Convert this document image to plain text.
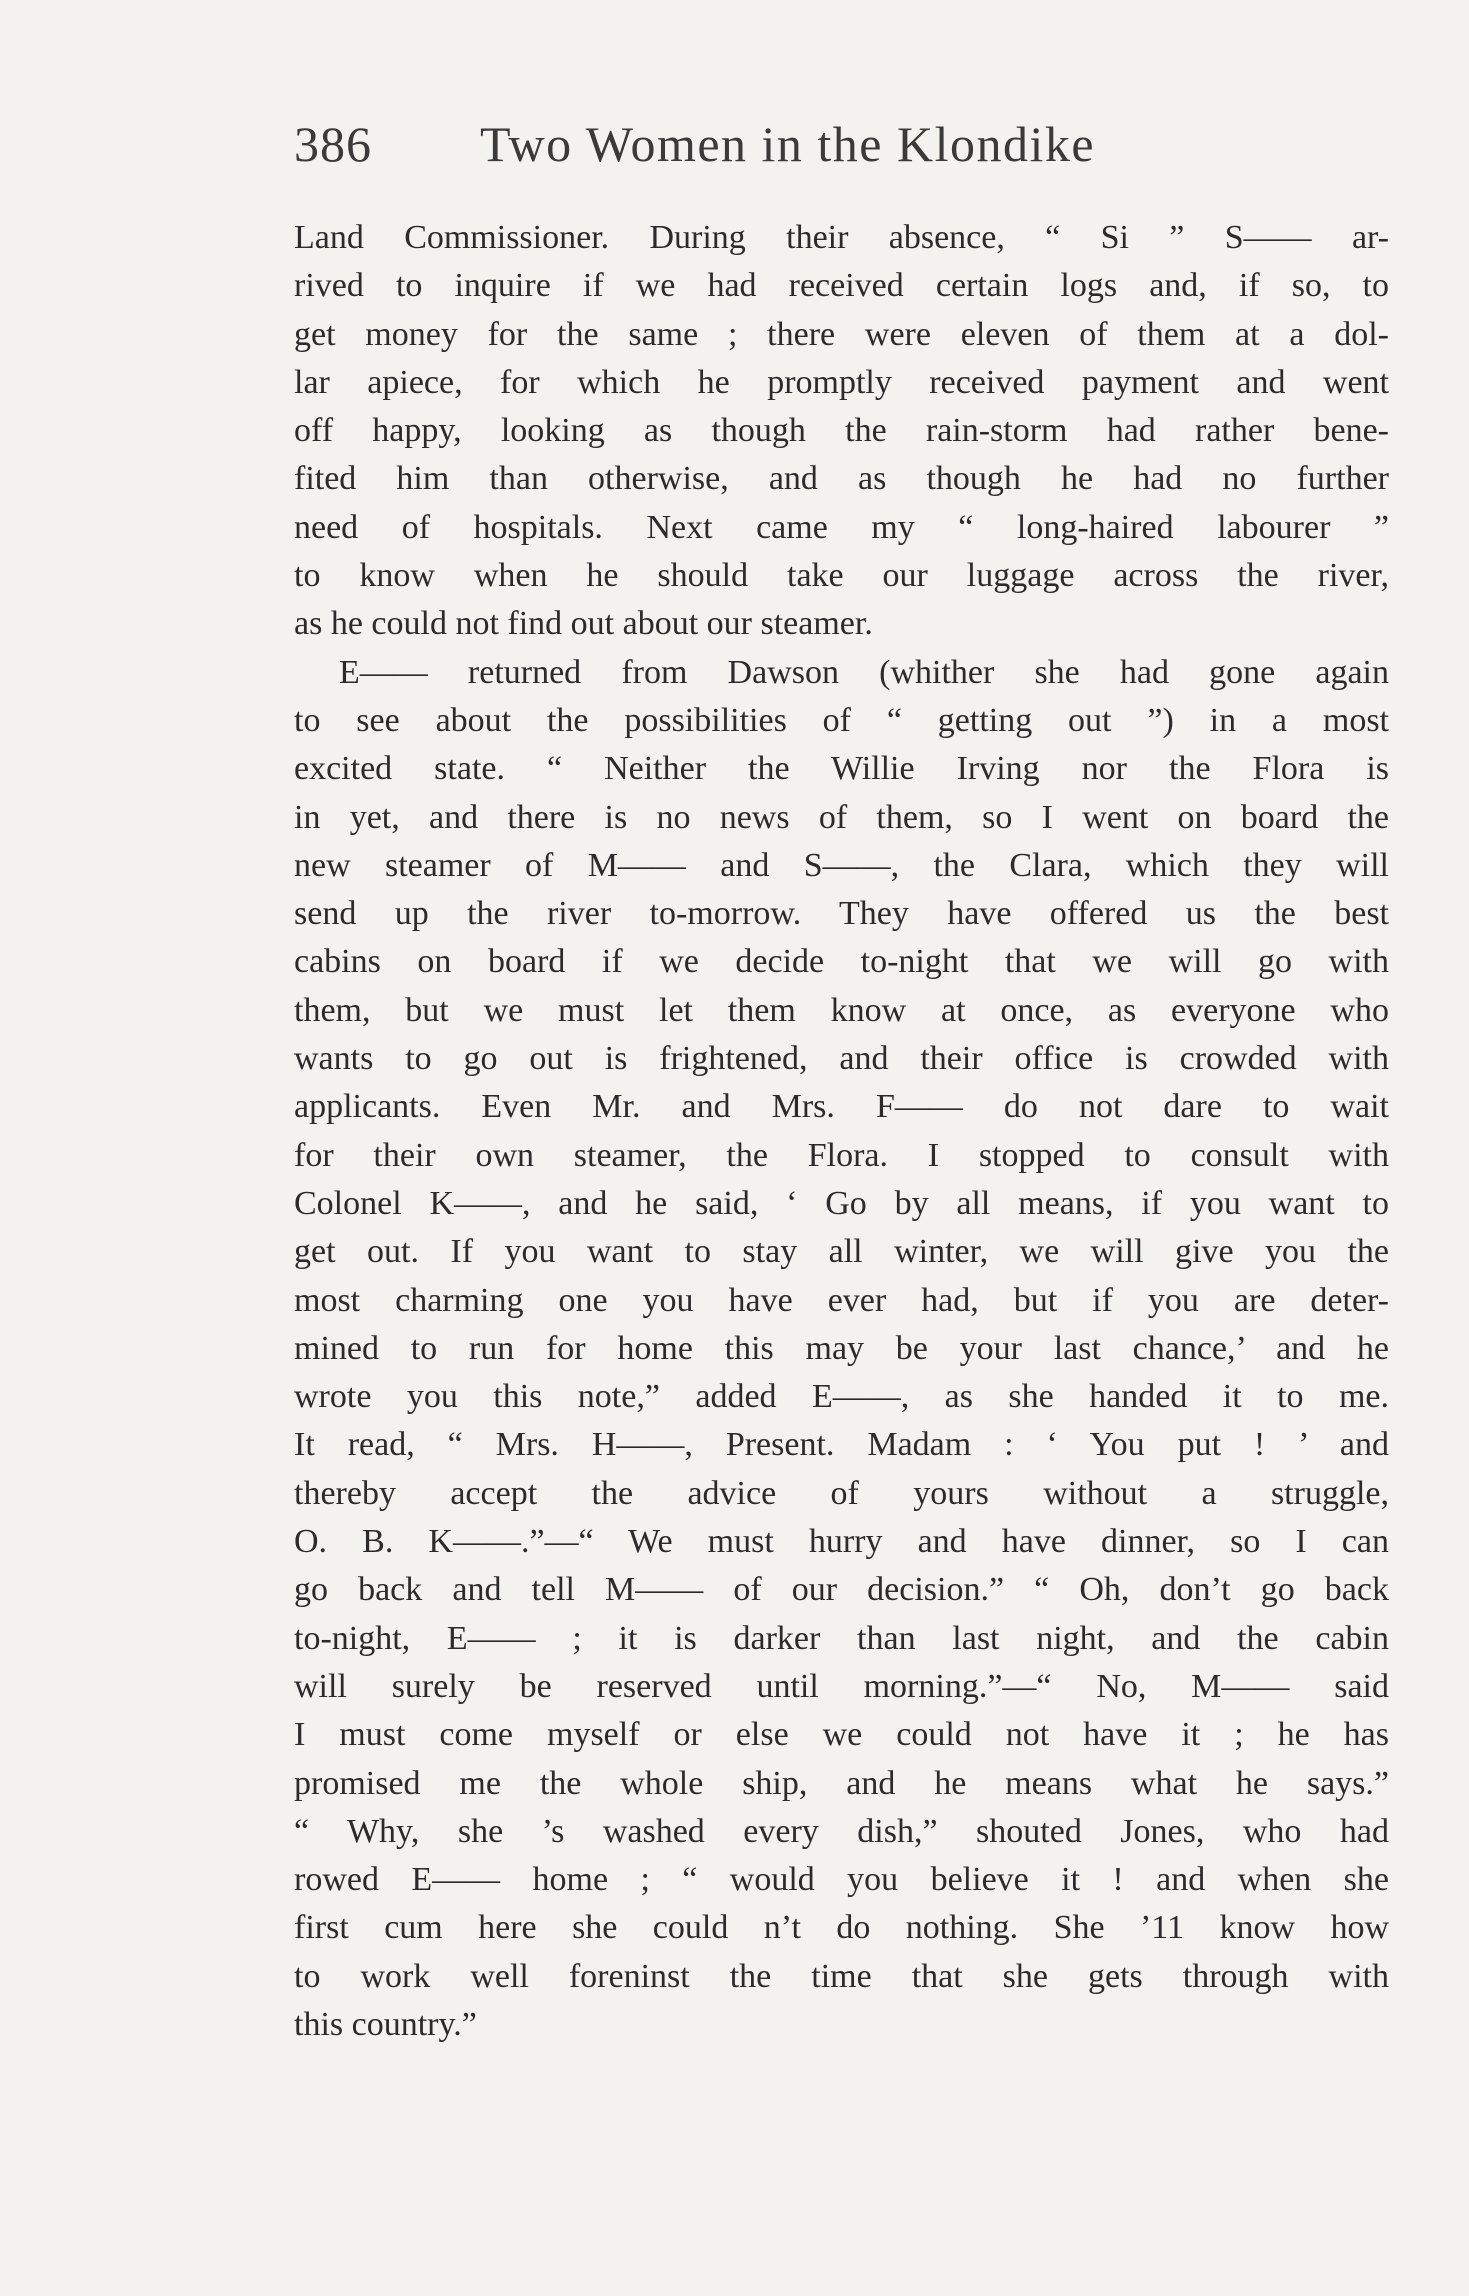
386 Two Women in the Klondike
Land Commissioner. During their absence, “ Si ” S—— ar-
rived to inquire if we had received certain logs and, if so, to
get money for the same ; there were eleven of them at a dol-
lar apiece, for which he promptly received payment and went
off happy, looking as though the rain-storm had rather bene-
fited him than otherwise, and as though he had no further
need of hospitals. Next came my “ long-haired labourer ”
to know when he should take our luggage across the river,
as he could not find out about our steamer.
E—— returned from Dawson (whither she had gone again
to see about the possibilities of “ getting out ”) in a most
excited state. “ Neither the Willie Irving nor the Flora is
in yet, and there is no news of them, so I went on board the
new steamer of M—— and S——, the Clara, which they will
send up the river to-morrow. They have offered us the best
cabins on board if we decide to-night that we will go with
them, but we must let them know at once, as everyone who
wants to go out is frightened, and their office is crowded with
applicants. Even Mr. and Mrs. F—— do not dare to wait
for their own steamer, the Flora. I stopped to consult with
Colonel K——, and he said, ‘ Go by all means, if you want to
get out. If you want to stay all winter, we will give you the
most charming one you have ever had, but if you are deter-
mined to run for home this may be your last chance,’ and he
wrote you this note,” added E——, as she handed it to me.
It read, “ Mrs. H——, Present. Madam : ‘ You put ! ’ and
thereby accept the advice of yours without a struggle,
O. B. K——.”—“ We must hurry and have dinner, so I can
go back and tell M—— of our decision.” “ Oh, don’t go back
to-night, E—— ; it is darker than last night, and the cabin
will surely be reserved until morning.”—“ No, M—— said
I must come myself or else we could not have it ; he has
promised me the whole ship, and he means what he says.”
“ Why, she ’s washed every dish,” shouted Jones, who had
rowed E—— home ; “ would you believe it ! and when she
first cum here she could n’t do nothing. She ’11 know how
to work well foreninst the time that she gets through with
this country.”
